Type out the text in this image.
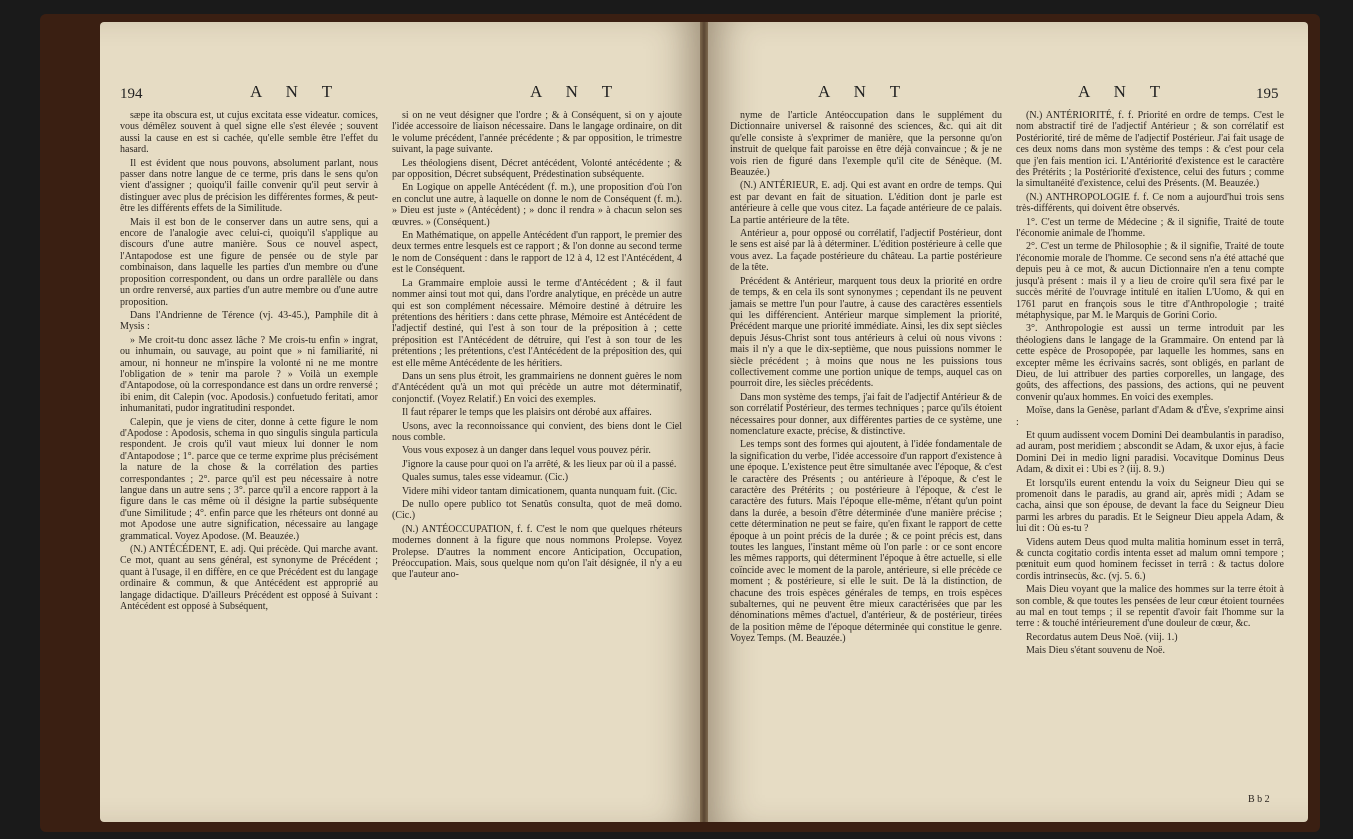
194	A N T	A N T

sæpe ita obscura est, ut cujus excitata esse videatur. comices, vous démêlez souvent à quel signe elle s'est élevée ; souvent aussi la cause en est si cachée, qu'elle semble être l'effet du hasard.

Il est évident que nous pouvons, absolument parlant, nous passer dans notre langue de ce terme, pris dans le sens qu'on vient d'assigner ; quoiqu'il faille convenir qu'il peut servir à distinguer avec plus de précision les différentes formes, & peut-être les différents effets de la Similitude.

Mais il est bon de le conserver dans un autre sens, qui a encore de l'analogie avec celui-ci, quoiqu'il s'applique au discours d'une autre manière. Sous ce nouvel aspect, l'Antapodose est une figure de pensée ou de style par combinaison, dans laquelle les parties d'un membre ou d'une proposition correspondent, ou dans un ordre parallèle ou dans un ordre renversé, aux parties d'un autre membre ou d'une autre proposition.

Dans l'Andrienne de Térence (vj. 43-45.), Pamphile dit à Mysis :

» Me croit-tu donc assez lâche ? Me crois-tu enfin » ingrat, ou inhumain, ou sauvage, au point que » ni familiarité, ni amour, ni honneur ne m'inspire la volonté ni ne me montre l'obligation de » tenir ma parole ? » Voilà un exemple d'Antapodose, où la correspondance est dans un ordre renversé ; ibi enim, dit Calepin (voc. Apodosis.) confuetudo feritati, amor inhumanitati, pudor ingratitudini respondet.

Calepin, que je viens de citer, donne à cette figure le nom d'Apodose : Apodosis, schema in quo singulis singula particula respondent. Je crois qu'il vaut mieux lui donner le nom d'Antapodose ; 1°. parce que ce terme exprime plus précisément la nature de la chose & la corrélation des parties correspondantes ; 2°. parce qu'il est peu nécessaire à notre langue dans un autre sens ; 3°. parce qu'il a encore rapport à la figure dans le cas même où il désigne la partie subséquente d'une Similitude ; 4°. enfin parce que les rhéteurs ont donné au mot Apodose une autre signification, nécessaire au langage grammatical. Voyez Apodose. (M. Beauzée.)

(N.) ANTÉCÉDENT, E. adj. Qui précède. Qui marche avant. Ce mot, quant au sens général, est synonyme de Précédent ; quant à l'usage, il en diffère, en ce que Précédent est du langage ordinaire & commun, & que Antécédent est approprié au langage didactique. D'ailleurs Précédent est opposé à Suivant : Antécédent est opposé à Subséquent,

si on ne veut désigner que l'ordre ; & à Conséquent, si on y ajoute l'idée accessoire de liaison nécessaire. Dans le langage ordinaire, on dit le volume précédent, l'année précédente ; & par opposition, le trimestre suivant, la page suivante.

Les théologiens disent, Décret antécédent, Volonté antécédente ; & par opposition, Décret subséquent, Prédestination subséquente.

En Logique on appelle Antécédent (f. m.), une proposition d'où l'on en conclut une autre, à laquelle on donne le nom de Conséquent (f. m.). » Dieu est juste » (Antécédent) ; » donc il rendra » à chacun selon ses œuvres. » (Conséquent.)

En Mathématique, on appelle Antécédent d'un rapport, le premier des deux termes entre lesquels est ce rapport ; & l'on donne au second terme le nom de Conséquent : dans le rapport de 12 à 4, 12 est l'Antécédent, 4 est le Conséquent.

La Grammaire emploie aussi le terme d'Antécédent ; & il faut nommer ainsi tout mot qui, dans l'ordre analytique, en précède un autre qui est son complément nécessaire. Mémoire destiné à détruire les prétentions des héritiers : dans cette phrase, Mémoire est Antécédent de l'adjectif destiné, qui l'est à son tour de la préposition à ; cette préposition est l'Antécédent de détruire, qui l'est à son tour de les prétentions ; les prétentions, c'est l'Antécédent de la préposition des, qui est elle même Antécédente de les héritiers.

Dans un sens plus étroit, les grammairiens ne donnent guères le nom d'Antécédent qu'à un mot qui précède un autre mot déterminatif, conjonctif. (Voyez Relatif.) En voici des exemples.

Il faut réparer le temps que les plaisirs ont dérobé aux affaires.

Usons, avec la reconnoissance qui convient, des biens dont le Ciel nous comble.

Vous vous exposez à un danger dans lequel vous pouvez périr.

J'ignore la cause pour quoi on l'a arrêté, & les lieux par où il a passé.

Quales sumus, tales esse videamur. (Cic.)

Videre mihi videor tantam dimicationem, quanta nunquam fuit. (Cic.

De nullo opere publico tot Senatûs consulta, quot de meâ domo. (Cic.)

(N.) ANTÉOCCUPATION, f. f. C'est le nom que quelques rhéteurs modernes donnent à la figure que nous nommons Prolepse. Voyez Prolepse. D'autres la nomment encore Anticipation, Occupation, Préoccupation. Mais, sous quelque nom qu'on l'ait désignée, il n'y a eu que l'auteur ano-

A N T	A N T	195

nyme de l'article Antéoccupation dans le supplément du Dictionnaire universel & raisonné des sciences, &c. qui ait dit qu'elle consiste à s'exprimer de manière, que la personne qu'on instruit de quelque fait paroisse en être déjà convaincue ; & je ne vois rien de figuré dans l'exemple qu'il cite de Sénèque. (M. Beauzée.)

(N.) ANTÉRIEUR, E. adj. Qui est avant en ordre de temps. Qui est par devant en fait de situation. L'édition dont je parle est antérieure à celle que vous citez. La façade antérieure de ce palais. La partie antérieure de la tête.

Antérieur a, pour opposé ou corrélatif, l'adjectif Postérieur, dont le sens est aisé par là à déterminer. L'édition postérieure à celle que vous avez. La façade postérieure du château. La partie postérieure de la tête.

Précédent & Antérieur, marquent tous deux la priorité en ordre de temps, & en cela ils sont synonymes ; cependant ils ne peuvent jamais se mettre l'un pour l'autre, à cause des caractères essentiels qui les différencient. Antérieur marque simplement la priorité, Précédent marque une priorité immédiate. Ainsi, les dix sept siècles depuis Jésus-Christ sont tous antérieurs à celui où nous vivons : mais il n'y a que le dix-septième, que nous puissions nommer le siècle précédent ; à moins que nous ne les puissions tous collectivement comme une portion unique de temps, auquel cas on pourroit dire, les siècles précédents.

Dans mon système des temps, j'ai fait de l'adjectif Antérieur & de son corrélatif Postérieur, des termes techniques ; parce qu'ils étoient nécessaires pour donner, aux différentes parties de ce système, une nomenclature exacte, précise, & distinctive.

Les temps sont des formes qui ajoutent, à l'idée fondamentale de la signification du verbe, l'idée accessoire d'un rapport d'existence à une époque. L'existence peut être simultanée avec l'époque, & c'est le caractère des Présents ; ou antérieure à l'époque, & c'est le caractère des Prétérits ; ou postérieure à l'époque, & c'est le caractère des futurs. Mais l'époque elle-même, n'étant qu'un point dans la durée, a besoin d'être déterminée d'une manière précise ; cette détermination ne peut se faire, qu'en fixant le rapport de cette époque à un point précis de la durée ; & ce point précis est, dans toutes les langues, l'instant même où l'on parle : or ce sont encore les mêmes rapports, qui déterminent l'époque à être actuelle, si elle coïncide avec le moment de la parole, antérieure, si elle précède ce moment ; & postérieure, si elle le suit. De là la distinction, de chacune des trois espèces générales de temps, en trois espèces subalternes, qui ne peuvent être mieux caractérisées que par les dénominations mêmes d'actuel, d'antérieur, & de postérieur, tirées de la position même de l'époque déterminée qui constitue le genre. Voyez Temps. (M. Beauzée.)

(N.) ANTÉRIORITÉ, f. f. Priorité en ordre de temps. C'est le nom abstractif tiré de l'adjectif Antérieur ; & son corrélatif est Postériorité, tiré de même de l'adjectif Postérieur. J'ai fait usage de ces deux noms dans mon système des temps : & c'est pour cela que j'en fais mention ici. L'Antériorité d'existence est le caractère des Prétérits ; la Postériorité d'existence, celui des futurs ; comme la simultanéité d'existence, celui des Présents. (M. Beauzée.)

(N.) ANTHROPOLOGIE f. f. Ce nom a aujourd'hui trois sens très-différents, qui doivent être observés.

1°. C'est un terme de Médecine ; & il signifie, Traité de toute l'économie animale de l'homme.

2°. C'est un terme de Philosophie ; & il signifie, Traité de toute l'économie morale de l'homme. Ce second sens n'a été attaché que depuis peu à ce mot, & aucun Dictionnaire n'en a tenu compte jusqu'à présent : mais il y a lieu de croire qu'il sera fixé par le succès mérité de l'ouvrage intitulé en italien L'Uomo, & qui en 1761 parut en françois sous le titre d'Anthropologie ; traité métaphysique, par M. le Marquis de Gorini Corio.

3°. Anthropologie est aussi un terme introduit par les théologiens dans le langage de la Grammaire. On entend par là cette espèce de Prosopopée, par laquelle les hommes, sans en excepter même les écrivains sacrés, sont obligés, en parlant de Dieu, de lui attribuer des parties corporelles, un langage, des goûts, des affections, des passions, des actions, qui ne peuvent convenir qu'aux hommes. En voici des exemples.

Moïse, dans la Genèse, parlant d'Adam & d'Ève, s'exprime ainsi :

Et quum audissent vocem Domini Dei deambulantis in paradiso, ad auram, post meridiem ; abscondit se Adam, & uxor ejus, à facie Domini Dei in medio ligni paradisi. Vocavitque Dominus Deus Adam, & dixit ei : Ubi es ? (iij. 8. 9.)

Et lorsqu'ils eurent entendu la voix du Seigneur Dieu qui se promenoit dans le paradis, au grand air, après midi ; Adam se cacha, ainsi que son épouse, de devant la face du Seigneur Dieu parmi les arbres du paradis. Et le Seigneur Dieu appela Adam, & lui dit : Où es-tu ?

Videns autem Deus quod multa malitia hominum esset in terrâ, & cuncta cogitatio cordis intenta esset ad malum omni tempore ; pœnituit eum quod hominem fecisset in terrâ : & tactus dolore cordis intrinsecùs, &c. (vj. 5. 6.)

Mais Dieu voyant que la malice des hommes sur la terre étoit à son comble, & que toutes les pensées de leur cœur étoient tournées au mal en tout temps ; il se repentit d'avoir fait l'homme sur la terre : & touché intérieurement d'une douleur de cœur, &c.

Recordatus autem Deus Noë. (viij. 1.)

Mais Dieu s'étant souvenu de Noë.

B b 2
